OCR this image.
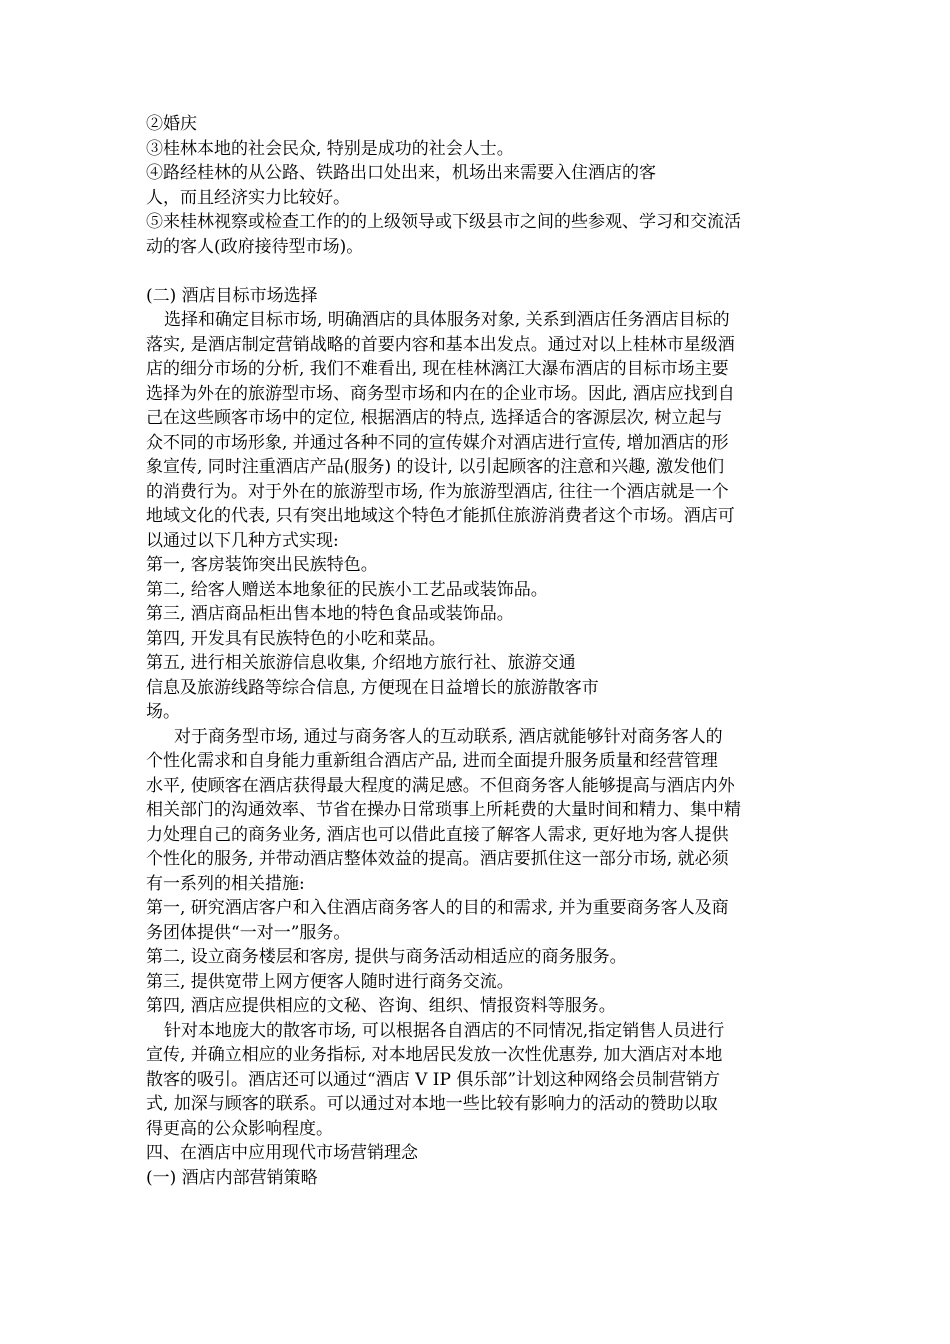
②婚庆
③桂林本地的社会民众, 特别是成功的社会人士。
④路经桂林的从公路、铁路出口处出来，机场出来需要入住酒店的客
人，而且经济实力比较好。
⑤来桂林视察或检查工作的的上级领导或下级县市之间的些参观、学习和交流活
动的客人(政府接待型市场)。
(二) 酒店目标市场选择
选择和确定目标市场, 明确酒店的具体服务对象, 关系到酒店任务酒店目标的
落实, 是酒店制定营销战略的首要内容和基本出发点。通过对以上桂林市星级酒
店的细分市场的分析, 我们不难看出, 现在桂林漓江大瀑布酒店的目标市场主要
选择为外在的旅游型市场、商务型市场和内在的企业市场。因此, 酒店应找到自
己在这些顾客市场中的定位, 根据酒店的特点, 选择适合的客源层次, 树立起与
众不同的市场形象, 并通过各种不同的宣传媒介对酒店进行宣传, 增加酒店的形
象宣传, 同时注重酒店产品(服务) 的设计, 以引起顾客的注意和兴趣, 激发他们
的消费行为。对于外在的旅游型市场, 作为旅游型酒店, 往往一个酒店就是一个
地域文化的代表, 只有突出地域这个特色才能抓住旅游消费者这个市场。酒店可
以通过以下几种方式实现:
第一, 客房装饰突出民族特色。
第二, 给客人赠送本地象征的民族小工艺品或装饰品。
第三, 酒店商品柜出售本地的特色食品或装饰品。
第四, 开发具有民族特色的小吃和菜品。
第五, 进行相关旅游信息收集, 介绍地方旅行社、旅游交通
信息及旅游线路等综合信息, 方便现在日益增长的旅游散客市
场。
对于商务型市场, 通过与商务客人的互动联系, 酒店就能够针对商务客人的
个性化需求和自身能力重新组合酒店产品, 进而全面提升服务质量和经营管理
水平, 使顾客在酒店获得最大程度的满足感。不但商务客人能够提高与酒店内外
相关部门的沟通效率、节省在操办日常琐事上所耗费的大量时间和精力、集中精
力处理自己的商务业务, 酒店也可以借此直接了解客人需求, 更好地为客人提供
个性化的服务, 并带动酒店整体效益的提高。酒店要抓住这一部分市场, 就必须
有一系列的相关措施:
第一, 研究酒店客户和入住酒店商务客人的目的和需求, 并为重要商务客人及商
务团体提供“一对一”服务。
第二, 设立商务楼层和客房, 提供与商务活动相适应的商务服务。
第三, 提供宽带上网方便客人随时进行商务交流。
第四, 酒店应提供相应的文秘、咨询、组织、情报资料等服务。
针对本地庞大的散客市场, 可以根据各自酒店的不同情况,指定销售人员进行
宣传, 并确立相应的业务指标, 对本地居民发放一次性优惠券, 加大酒店对本地
散客的吸引。酒店还可以通过“酒店 V IP 俱乐部”计划这种网络会员制营销方
式, 加深与顾客的联系。可以通过对本地一些比较有影响力的活动的赞助以取
得更高的公众影响程度。
四、在酒店中应用现代市场营销理念
(一) 酒店内部营销策略
